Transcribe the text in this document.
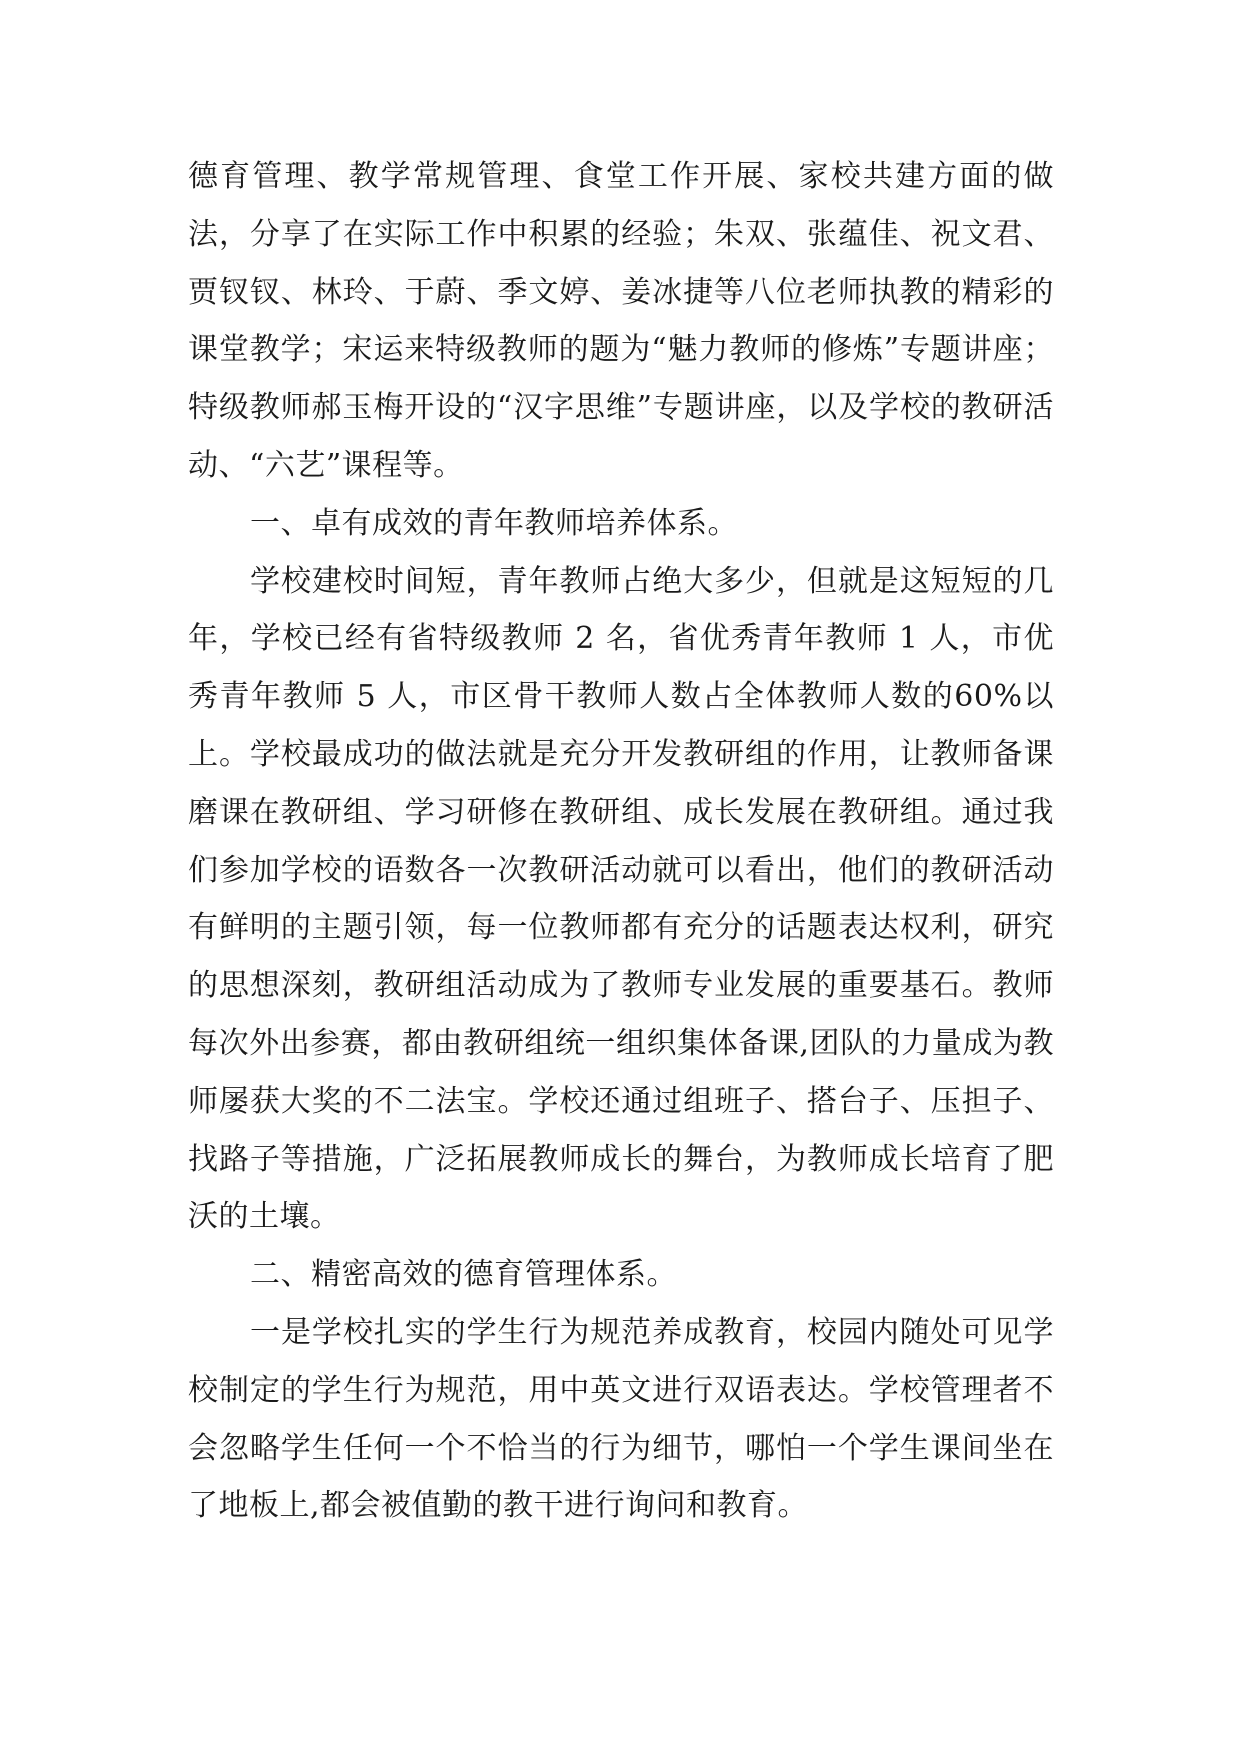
德育管理、教学常规管理、食堂工作开展、家校共建方面的做法，分享了在实际工作中积累的经验；朱双、张蕴佳、祝文君、贾钗钗、林玲、于蔚、季文婷、姜冰捷等八位老师执教的精彩的课堂教学；宋运来特级教师的题为“魅力教师的修炼”专题讲座；特级教师郝玉梅开设的“汉字思维”专题讲座，以及学校的教研活动、“六艺”课程等。

一、卓有成效的青年教师培养体系。

学校建校时间短，青年教师占绝大多少，但就是这短短的几年，学校已经有省特级教师 2 名，省优秀青年教师 1 人，市优秀青年教师 5 人，市区骨干教师人数占全体教师人数的60%以上。学校最成功的做法就是充分开发教研组的作用，让教师备课磨课在教研组、学习研修在教研组、成长发展在教研组。通过我们参加学校的语数各一次教研活动就可以看出，他们的教研活动有鲜明的主题引领，每一位教师都有充分的话题表达权利，研究的思想深刻，教研组活动成为了教师专业发展的重要基石。教师每次外出参赛，都由教研组统一组织集体备课,团队的力量成为教师屡获大奖的不二法宝。学校还通过组班子、搭台子、压担子、找路子等措施，广泛拓展教师成长的舞台，为教师成长培育了肥沃的土壤。

二、精密高效的德育管理体系。

一是学校扎实的学生行为规范养成教育，校园内随处可见学校制定的学生行为规范，用中英文进行双语表达。学校管理者不会忽略学生任何一个不恰当的行为细节，哪怕一个学生课间坐在了地板上,都会被值勤的教干进行询问和教育。
